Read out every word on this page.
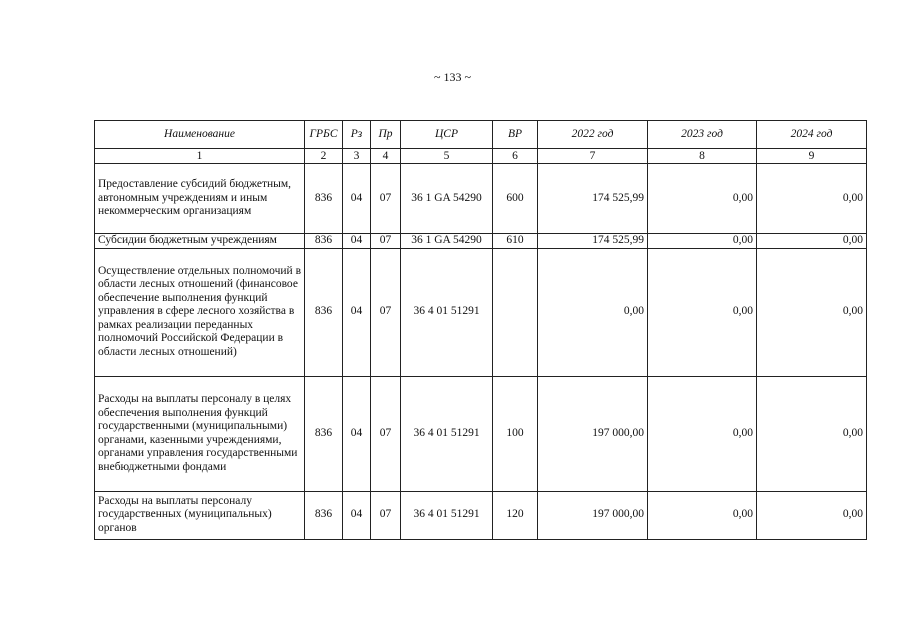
~ 133 ~
Наименование	ГРБС	Рз	Пр	ЦСР	ВР	2022 год	2023 год	2024 год
1	2	3	4	5	6	7	8	9
Предоставление субсидий бюджетным, автономным учреждениям и иным некоммерческим организациям	836	04	07	36 1 GA 54290	600	174 525,99	0,00	0,00
Субсидии бюджетным учреждениям	836	04	07	36 1 GA 54290	610	174 525,99	0,00	0,00
Осуществление отдельных полномочий в области лесных отношений (финансовое обеспечение выполнения функций управления в сфере лесного хозяйства в рамках реализации переданных полномочий Российской Федерации в области лесных отношений)	836	04	07	36 4 01 51291		0,00	0,00	0,00
Расходы на выплаты персоналу в целях обеспечения выполнения функций государственными (муниципальными) органами, казенными учреждениями, органами управления государственными внебюджетными фондами	836	04	07	36 4 01 51291	100	197 000,00	0,00	0,00
Расходы на выплаты персоналу государственных (муниципальных) органов	836	04	07	36 4 01 51291	120	197 000,00	0,00	0,00
